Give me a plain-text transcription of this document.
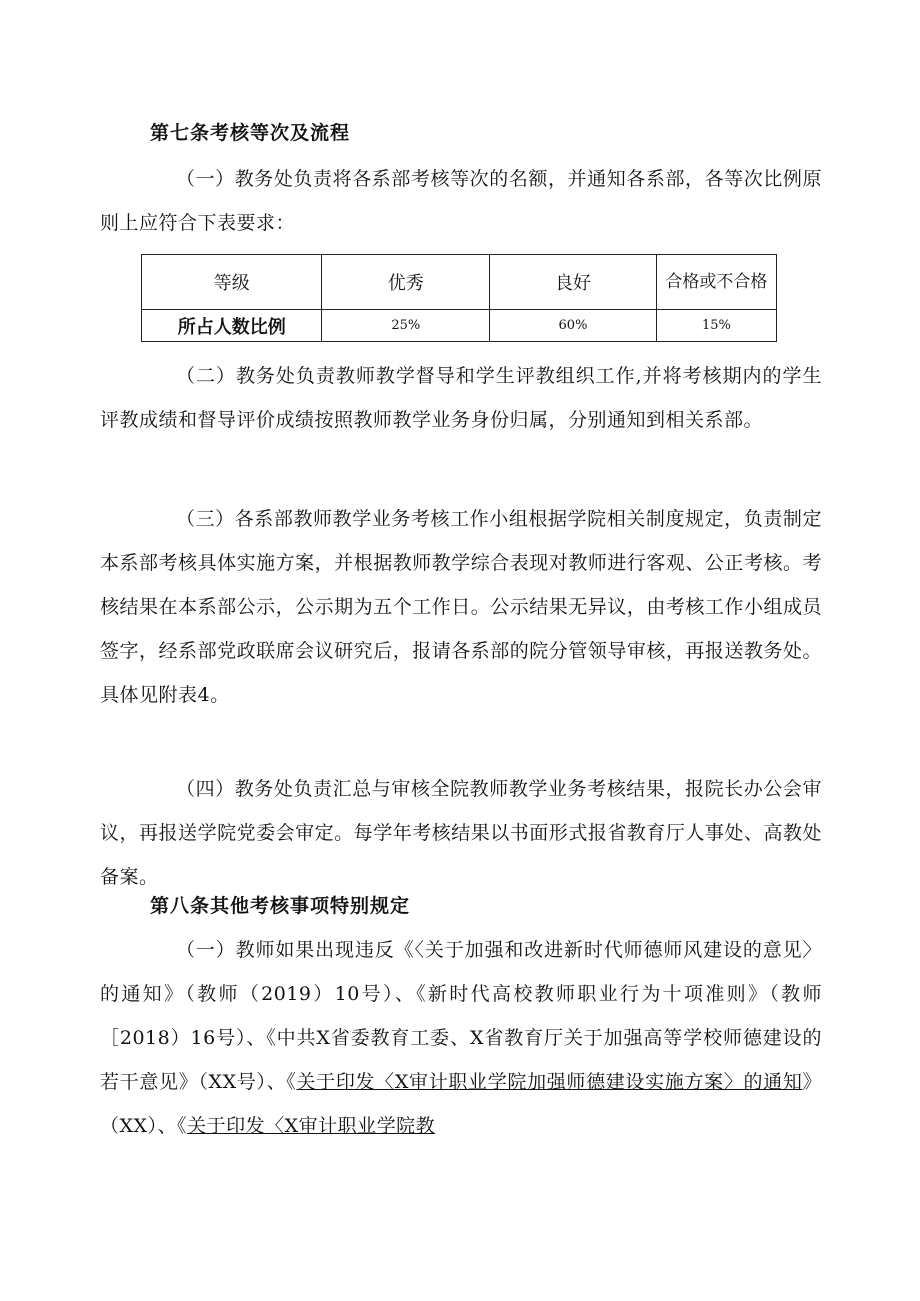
第七条考核等次及流程

（一）教务处负责将各系部考核等次的名额，并通知各系部，各等次比例原则上应符合下表要求：

等级	优秀	良好	合格或不合格
所占人数比例	25%	60%	15%

（二）教务处负责教师教学督导和学生评教组织工作,并将考核期内的学生评教成绩和督导评价成绩按照教师教学业务身份归属，分别通知到相关系部。

（三）各系部教师教学业务考核工作小组根据学院相关制度规定，负责制定本系部考核具体实施方案，并根据教师教学综合表现对教师进行客观、公正考核。考核结果在本系部公示，公示期为五个工作日。公示结果无异议，由考核工作小组成员签字，经系部党政联席会议研究后，报请各系部的院分管领导审核，再报送教务处。具体见附表4。

（四）教务处负责汇总与审核全院教师教学业务考核结果，报院长办公会审议，再报送学院党委会审定。每学年考核结果以书面形式报省教育厅人事处、高教处备案。

第八条其他考核事项特别规定

（一）教师如果出现违反《〈关于加强和改进新时代师德师风建设的意见〉的通知》（教师（2019）10号）、《新时代高校教师职业行为十项准则》（教师［2018）16号）、《中共X省委教育工委、X省教育厅关于加强高等学校师德建设的若干意见》（XX号）、《关于印发〈X审计职业学院加强师德建设实施方案〉的通知》（XX）、《关于印发〈X审计职业学院教
